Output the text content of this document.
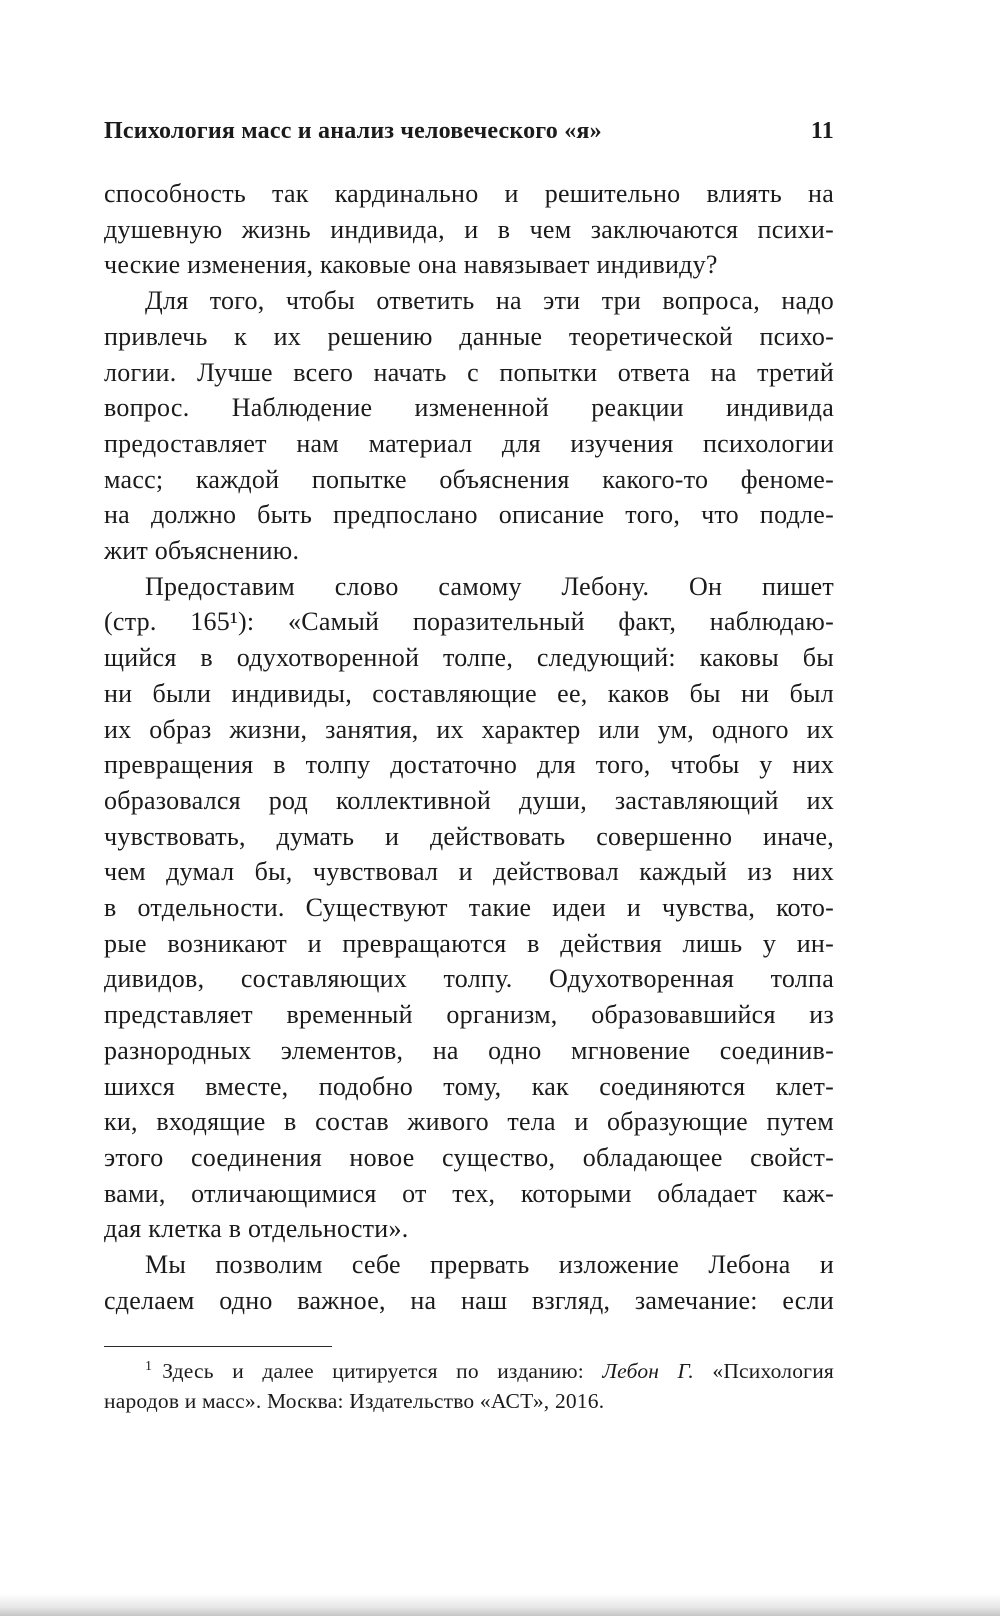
Психология масс и анализ человеческого «я»	11
способность так кардинально и решительно влиять на
душевную жизнь индивида, и в чем заключаются психи-
ческие изменения, каковые она навязывает индивиду?
Для того, чтобы ответить на эти три вопроса, надо
привлечь к их решению данные теоретической психо-
логии. Лучше всего начать с попытки ответа на третий
вопрос. Наблюдение измененной реакции индивида
предоставляет нам материал для изучения психологии
масс; каждой попытке объяснения какого-то феноме-
на должно быть предпослано описание того, что подле-
жит объяснению.
Предоставим слово самому Лебону. Он пишет
(стр. 165¹): «Самый поразительный факт, наблюдаю-
щийся в одухотворенной толпе, следующий: каковы бы
ни были индивиды, составляющие ее, каков бы ни был
их образ жизни, занятия, их характер или ум, одного их
превращения в толпу достаточно для того, чтобы у них
образовался род коллективной души, заставляющий их
чувствовать, думать и действовать совершенно иначе,
чем думал бы, чувствовал и действовал каждый из них
в отдельности. Существуют такие идеи и чувства, кото-
рые возникают и превращаются в действия лишь у ин-
дивидов, составляющих толпу. Одухотворенная толпа
представляет временный организм, образовавшийся из
разнородных элементов, на одно мгновение соединив-
шихся вместе, подобно тому, как соединяются клет-
ки, входящие в состав живого тела и образующие путем
этого соединения новое существо, обладающее свойст-
вами, отличающимися от тех, которыми обладает каж-
дая клетка в отдельности».
Мы позволим себе прервать изложение Лебона и
сделаем одно важное, на наш взгляд, замечание: если
$^1$ Здесь и далее цитируется по изданию: Лебон Г. «Психология
народов и масс». Москва: Издательство «АСТ», 2016.
